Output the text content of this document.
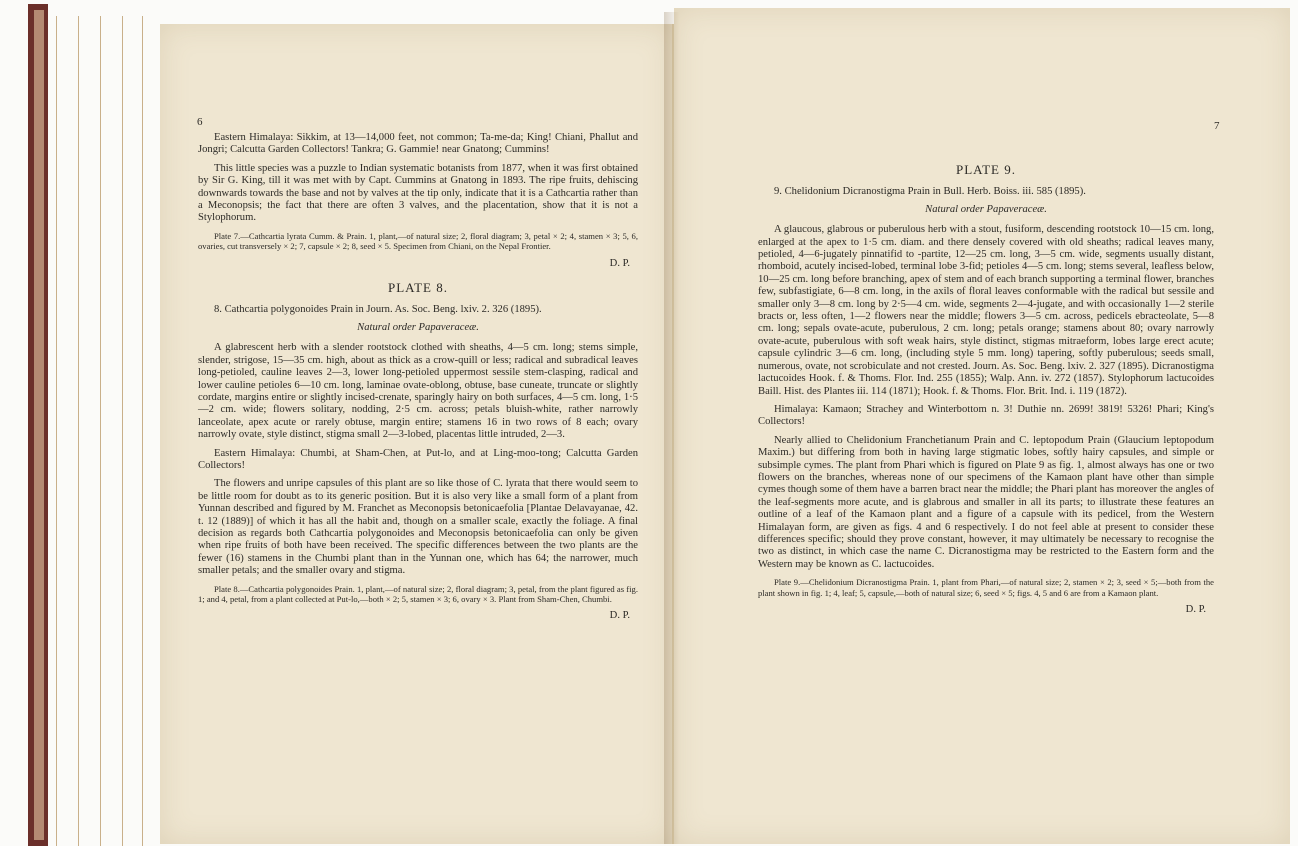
6	7

Eastern Himalaya: Sikkim, at 13—14,000 feet, not common; Ta-me-da; King! Chiani, Phallut and Jongri; Calcutta Garden Collectors! Tankra; G. Gammie! near Gnatong; Cummins!

This little species was a puzzle to Indian systematic botanists from 1877, when it was first obtained by Sir G. King, till it was met with by Capt. Cummins at Gnatong in 1893. The ripe fruits, dehiscing downwards towards the base and not by valves at the tip only, indicate that it is a Cathcartia rather than a Meconopsis; the fact that there are often 3 valves, and the placentation, show that it is not a Stylophorum.

Plate 7.—Cathcartia lyrata Cumm. & Prain. 1, plant,—of natural size; 2, floral diagram; 3, petal × 2; 4, stamen × 3; 5, 6, ovaries, cut transversely × 2; 7, capsule × 2; 8, seed × 5. Specimen from Chiani, on the Nepal Frontier.

D. P.
PLATE 8.
8. Cathcartia polygonoides Prain in Journ. As. Soc. Beng. lxiv. 2. 326 (1895).
Natural order Papaveraceæ.

A glabrescent herb with a slender rootstock clothed with sheaths, 4—5 cm. long; stems simple, slender, strigose, 15—35 cm. high, about as thick as a crow-quill or less; radical and subradical leaves long-petioled, cauline leaves 2—3, lower long-petioled uppermost sessile stem-clasping, radical and lower cauline petioles 6—10 cm. long, laminae ovate-oblong, obtuse, base cuneate, truncate or slightly cordate, margins entire or slightly incised-crenate, sparingly hairy on both surfaces, 4—5 cm. long, 1·5—2 cm. wide; flowers solitary, nodding, 2·5 cm. across; petals bluish-white, rather narrowly lanceolate, apex acute or rarely obtuse, margin entire; stamens 16 in two rows of 8 each; ovary narrowly ovate, style distinct, stigma small 2—3-lobed, placentas little intruded, 2—3.

Eastern Himalaya: Chumbi, at Sham-Chen, at Put-lo, and at Ling-moo-tong; Calcutta Garden Collectors!

The flowers and unripe capsules of this plant are so like those of C. lyrata that there would seem to be little room for doubt as to its generic position. But it is also very like a small form of a plant from Yunnan described and figured by M. Franchet as Meconopsis betonicaefolia [Plantae Delavayanae, 42. t. 12 (1889)] of which it has all the habit and, though on a smaller scale, exactly the foliage. A final decision as regards both Cathcartia polygonoides and Meconopsis betonicaefolia can only be given when ripe fruits of both have been received. The specific differences between the two plants are the fewer (16) stamens in the Chumbi plant than in the Yunnan one, which has 64; the narrower, much smaller petals; and the smaller ovary and stigma.

Plate 8.—Cathcartia polygonoides Prain. 1, plant,—of natural size; 2, floral diagram; 3, petal, from the plant figured as fig. 1; and 4, petal, from a plant collected at Put-lo,—both × 2; 5, stamen × 3; 6, ovary × 3. Plant from Sham-Chen, Chumbi.

D. P.
PLATE 9.
9. Chelidonium Dicranostigma Prain in Bull. Herb. Boiss. iii. 585 (1895).
Natural order Papaveraceæ.

A glaucous, glabrous or puberulous herb with a stout, fusiform, descending rootstock 10—15 cm. long, enlarged at the apex to 1·5 cm. diam. and there densely covered with old sheaths; radical leaves many, petioled, 4—6-jugately pinnatifid to -partite, 12—25 cm. long, 3—5 cm. wide, segments usually distant, rhomboid, acutely incised-lobed, terminal lobe 3-fid; petioles 4—5 cm. long; stems several, leafless below, 10—25 cm. long before branching, apex of stem and of each branch supporting a terminal flower, branches few, subfastigiate, 6—8 cm. long, in the axils of floral leaves conformable with the radical but sessile and smaller only 3—8 cm. long by 2·5—4 cm. wide, segments 2—4-jugate, and with occasionally 1—2 sterile bracts or, less often, 1—2 flowers near the middle; flowers 3—5 cm. across, pedicels ebracteolate, 5—8 cm. long; sepals ovate-acute, puberulous, 2 cm. long; petals orange; stamens about 80; ovary narrowly ovate-acute, puberulous with soft weak hairs, style distinct, stigmas mitraeform, lobes large erect acute; capsule cylindric 3—6 cm. long, (including style 5 mm. long) tapering, softly puberulous; seeds small, numerous, ovate, not scrobiculate and not crested. Journ. As. Soc. Beng. lxiv. 2. 327 (1895). Dicranostigma lactucoides Hook. f. & Thoms. Flor. Ind. 255 (1855); Walp. Ann. iv. 272 (1857). Stylophorum lactucoides Baill. Hist. des Plantes iii. 114 (1871); Hook. f. & Thoms. Flor. Brit. Ind. i. 119 (1872).

Himalaya: Kamaon; Strachey and Winterbottom n. 3! Duthie nn. 2699! 3819! 5326! Phari; King's Collectors!

Nearly allied to Chelidonium Franchetianum Prain and C. leptopodum Prain (Glaucium leptopodum Maxim.) but differing from both in having large stigmatic lobes, softly hairy capsules, and simple or subsimple cymes. The plant from Phari which is figured on Plate 9 as fig. 1, almost always has one or two flowers on the branches, whereas none of our specimens of the Kamaon plant have other than simple cymes though some of them have a barren bract near the middle; the Phari plant has moreover the angles of the leaf-segments more acute, and is glabrous and smaller in all its parts; to illustrate these features an outline of a leaf of the Kamaon plant and a figure of a capsule with its pedicel, from the Western Himalayan form, are given as figs. 4 and 6 respectively. I do not feel able at present to consider these differences specific; should they prove constant, however, it may ultimately be necessary to recognise the two as distinct, in which case the name C. Dicranostigma may be restricted to the Eastern form and the Western may be known as C. lactucoides.

Plate 9.—Chelidonium Dicranostigma Prain. 1, plant from Phari,—of natural size; 2, stamen × 2; 3, seed × 5;—both from the plant shown in fig. 1; 4, leaf; 5, capsule,—both of natural size; 6, seed × 5; figs. 4, 5 and 6 are from a Kamaon plant.

D. P.
